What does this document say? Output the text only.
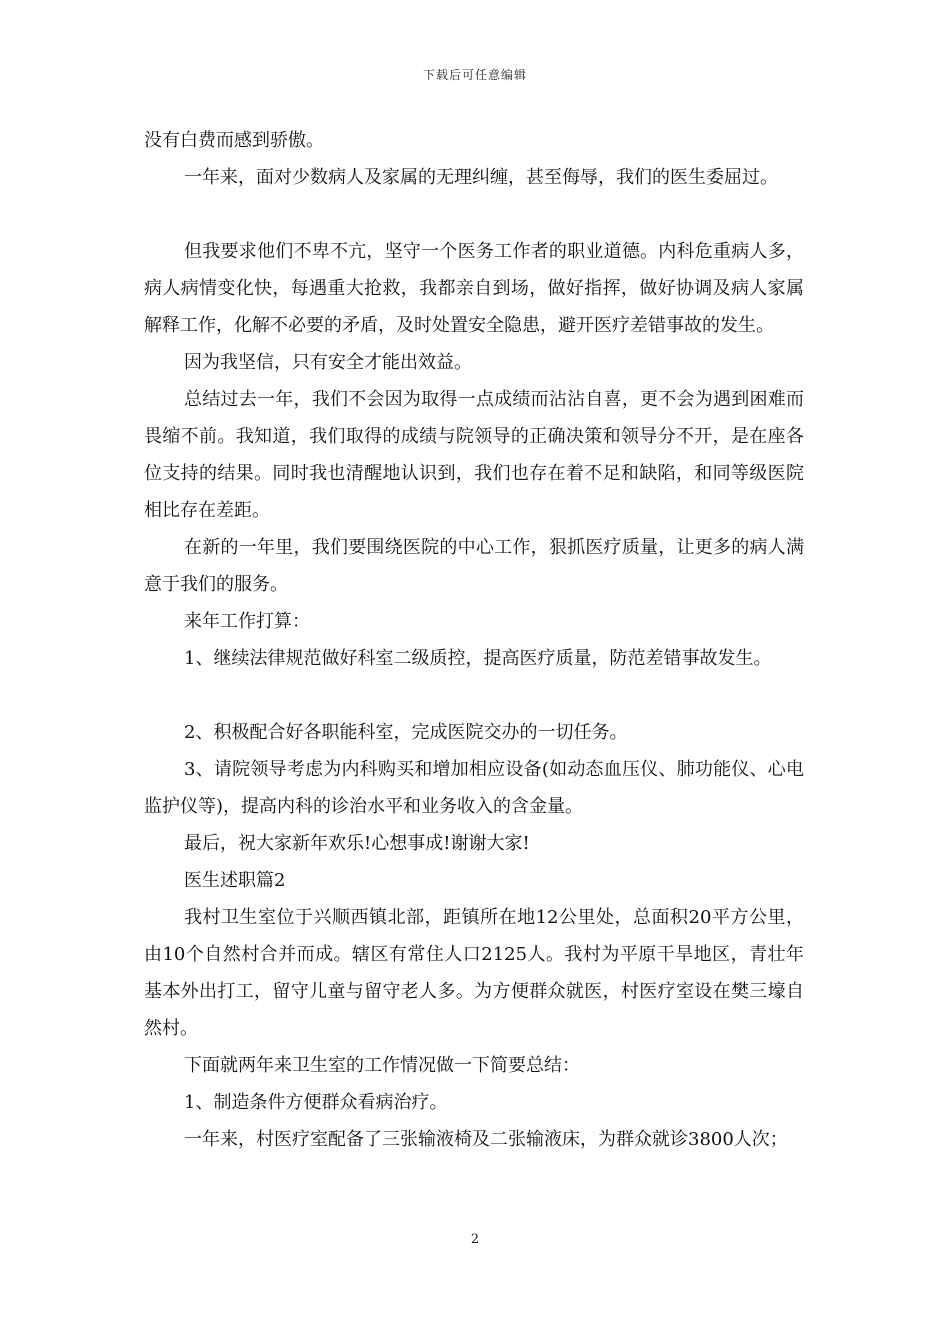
下载后可任意编辑

没有白费而感到骄傲。

一年来，面对少数病人及家属的无理纠缠，甚至侮辱，我们的医生委屈过。

但我要求他们不卑不亢，坚守一个医务工作者的职业道德。内科危重病人多，病人病情变化快，每遇重大抢救，我都亲自到场，做好指挥，做好协调及病人家属解释工作，化解不必要的矛盾，及时处置安全隐患，避开医疗差错事故的发生。

因为我坚信，只有安全才能出效益。

总结过去一年，我们不会因为取得一点成绩而沾沾自喜，更不会为遇到困难而畏缩不前。我知道，我们取得的成绩与院领导的正确决策和领导分不开，是在座各位支持的结果。同时我也清醒地认识到，我们也存在着不足和缺陷，和同等级医院相比存在差距。

在新的一年里，我们要围绕医院的中心工作，狠抓医疗质量，让更多的病人满意于我们的服务。

来年工作打算：

1、继续法律规范做好科室二级质控，提高医疗质量，防范差错事故发生。

2、积极配合好各职能科室，完成医院交办的一切任务。

3、请院领导考虑为内科购买和增加相应设备(如动态血压仪、肺功能仪、心电监护仪等)，提高内科的诊治水平和业务收入的含金量。

最后，祝大家新年欢乐!心想事成!谢谢大家!

医生述职篇2

我村卫生室位于兴顺西镇北部，距镇所在地12公里处，总面积20平方公里，由10个自然村合并而成。辖区有常住人口2125人。我村为平原干旱地区，青壮年基本外出打工，留守儿童与留守老人多。为方便群众就医，村医疗室设在樊三壕自然村。

下面就两年来卫生室的工作情况做一下简要总结：

1、制造条件方便群众看病治疗。

一年来，村医疗室配备了三张输液椅及二张输液床，为群众就诊3800人次；

2
